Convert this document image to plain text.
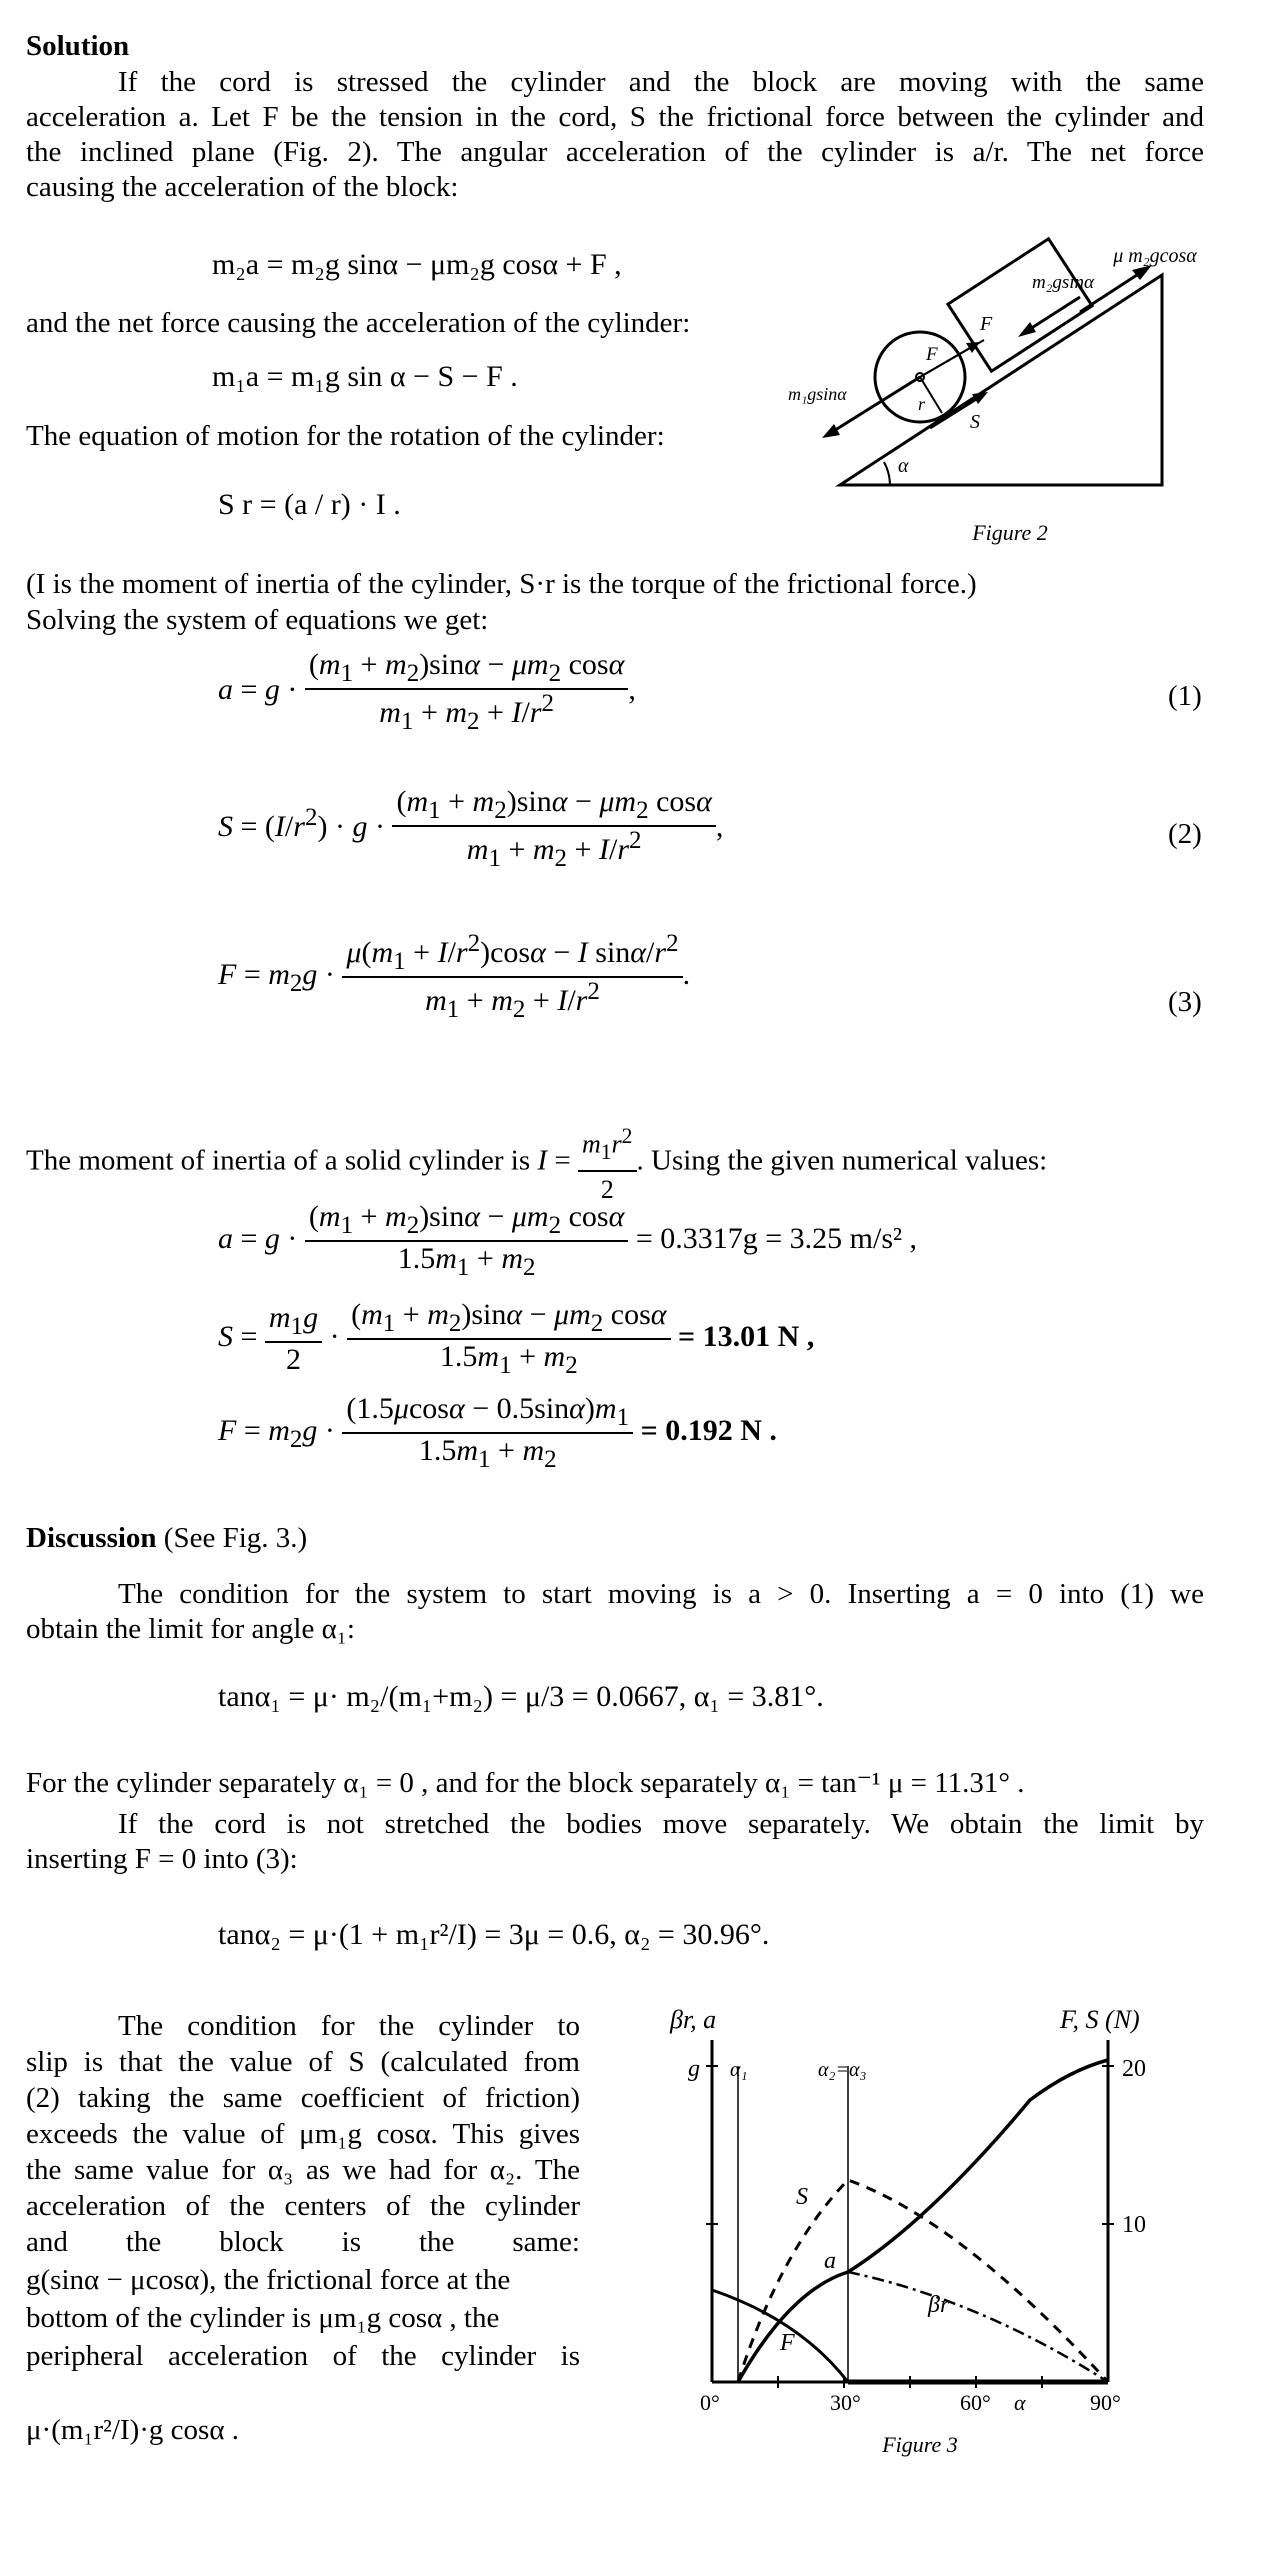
Solution
If the cord is stressed the cylinder and the block are moving with the same
acceleration a. Let F be the tension in the cord, S the frictional force between the cylinder and
the inclined plane (Fig. 2). The angular acceleration of the cylinder is a/r. The net force
causing the acceleration of the block:
m₂a = m₂g sinα − μm₂g cosα + F ,
and the net force causing the acceleration of the cylinder:
m₁a = m₁g sin α − S − F .
The equation of motion for the rotation of the cylinder:
S r = (a / r) · I .
μ m₂gcosα
m₂gsinα
F
F
m₁gsinα	r
S
α
Figure 2
(I is the moment of inertia of the cylinder, S·r is the torque of the frictional force.)
Solving the system of equations we get:
$a = g \cdot \frac{(m_1 + m_2)\sin\alpha - \mu m_2 \cos\alpha}{m_1 + m_2 + I/r^2}$ ,	(1)
$S = (I/r^2) \cdot g \cdot \frac{(m_1 + m_2)\sin\alpha - \mu m_2 \cos\alpha}{m_1 + m_2 + I/r^2}$ ,	(2)
$F = m_2g \cdot \frac{\mu(m_1 + I/r^2)\cos\alpha - I \sin\alpha/r^2}{m_1 + m_2 + I/r^2}$ .
(3)
The moment of inertia of a solid cylinder is $I = \frac{m_1r^2}{2}$ . Using the given numerical values:
$a = g \cdot \frac{(m_1 + m_2)\sin\alpha - \mu m_2 \cos\alpha}{1.5m_1 + m_2} = 0.3317g = 3.25$ m/s² ,
$S = \frac{m_1g}{2} \cdot \frac{(m_1 + m_2)\sin\alpha - \mu m_2 \cos\alpha}{1.5m_1 + m_2} = 13.01$ N ,
$F = m_2g \cdot \frac{(1.5\mu\cos\alpha - 0.5\sin\alpha)m_1}{1.5m_1 + m_2} = 0.192$ N .
Discussion (See Fig. 3.)
The condition for the system to start moving is a > 0. Inserting a = 0 into (1) we
obtain the limit for angle α₁:
tanα₁ = μ· m₂/(m₁+m₂) = μ/3 = 0.0667, α₁ = 3.81°.
For the cylinder separately α₁ = 0 , and for the block separately α₁ = tan⁻¹ μ = 11.31° .
If the cord is not stretched the bodies move separately. We obtain the limit by
inserting F = 0 into (3):
tanα₂ = μ·(1 + m₁r²/I) = 3μ = 0.6, α₂ = 30.96°.
The condition for the cylinder to
slip is that the value of S (calculated from
(2) taking the same coefficient of friction)
exceeds the value of μm₁g cosα. This gives
the same value for α₃ as we had for α₂. The
acceleration of the centers of the cylinder
and the block is the same:
g(sinα − μcosα), the frictional force at the
bottom of the cylinder is μm₁g cosα , the
peripheral acceleration of the cylinder is
μ·(m₁r²/I)·g cosα .
βr, a	F, S (N)
g α₁	α₂=α₃	20
10
0°	30°	60° α	90°
S
a
βr
F
Figure 3
